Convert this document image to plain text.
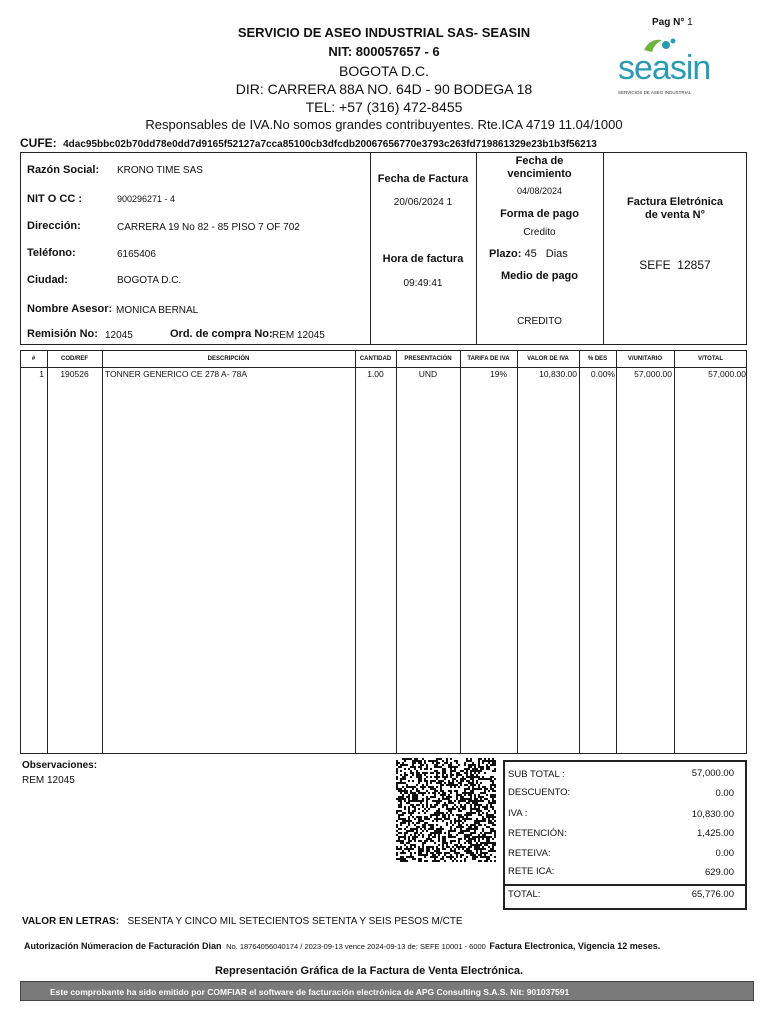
Pag N° 1
seasin
SERVICIOS DE ASEO INDUSTRIAL
SERVICIO DE ASEO INDUSTRIAL SAS- SEASIN
NIT: 800057657 - 6
BOGOTA D.C.
DIR: CARRERA 88A NO. 64D - 90 BODEGA 18
TEL: +57 (316) 472-8455
Responsables de IVA.No somos grandes contribuyentes. Rte.ICA 4719 11.04/1000
CUFE: 4dac95bbc02b70dd78e0dd7d9165f52127a7cca85100cb3dfcdb20067656770e3793c263fd719861329e23b1b3f56213
Razón Social: KRONO TIME SAS
NIT O CC :	900296271 - 4
Dirección:	CARRERA 19 No 82 - 85 PISO 7 OF 702
Teléfono:	6165406
Ciudad:	BOGOTA D.C.
Nombre Asesor: MONICA BERNAL
Remisión No: 12045	Ord. de compra No: REM 12045
Fecha de Factura
20/06/2024 1
Hora de factura
09:49:41
Fecha de
vencimiento
04/08/2024
Forma de pago
Credito
Plazo: 45 Dias
Medio de pago
CREDITO
Factura Eletrónica
de venta N°
SEFE  12857
#	COD/REF	DESCRIPCIÓN	CANTIDAD	PRESENTACIÓN	TARIFA DE IVA	VALOR DE IVA	% DES	V/UNITARIO	V/TOTAL
1	190526	TONNER GENERICO CE 278 A- 78A	1.00	UND	19%	10,830.00	0.00%	57,000.00	57,000.00
Observaciones:
REM 12045
SUB TOTAL :	57,000.00
DESCUENTO:	0.00
IVA :	10,830.00
RETENCIÓN:	1,425.00
RETEIVA:	0.00
RETE ICA:	629.00
TOTAL:	65,776.00
VALOR EN LETRAS: SESENTA Y CINCO MIL SETECIENTOS SETENTA Y SEIS PESOS M/CTE
Autorización Númeracion de Facturación Dian No. 18764056040174 / 2023-09-13 vence 2024-09-13 de: SEFE 10001 - 6000 Factura Electronica, Vigencia 12 meses.
Representación Gráfica de la Factura de Venta Electrónica.
Este comprobante ha sido emitido por COMFIAR el software de facturación electrónica de APG Consulting S.A.S. Nit: 901037591
